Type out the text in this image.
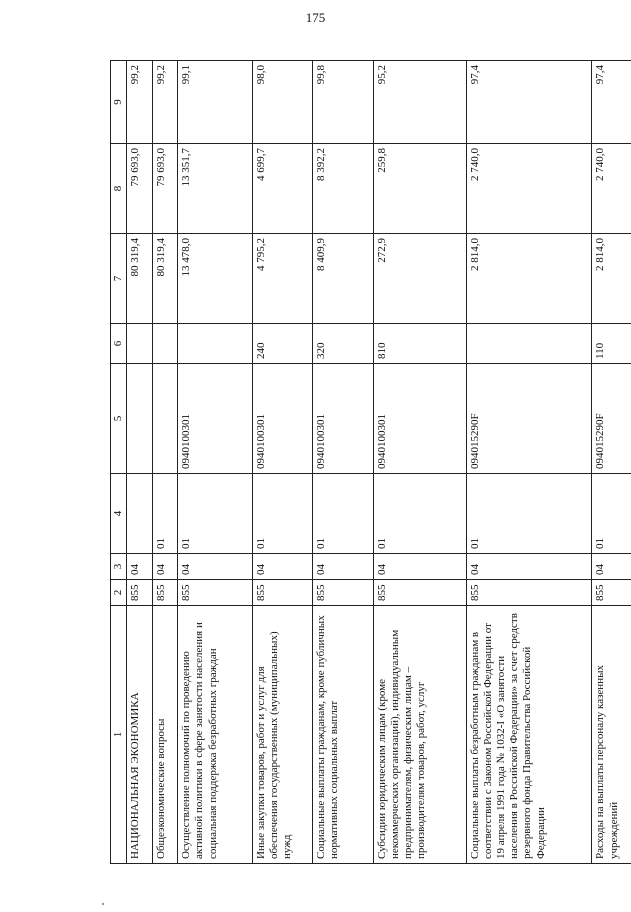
175
1	2	3	4	5	6	7	8	9
НАЦИОНАЛЬНАЯ ЭКОНОМИКА	855	04				80 319,4	79 693,0	99,2
Общеэкономические вопросы	855	04	01			80 319,4	79 693,0	99,2
Осуществление полномочий по проведению активной политики в сфере занятости населения и социальная поддержка безработных граждан	855	04	01	0940100301		13 478,0	13 351,7	99,1
Иные закупки товаров, работ и услуг для обеспечения государственных (муниципальных) нужд	855	04	01	0940100301	240	4 795,2	4 699,7	98,0
Социальные выплаты гражданам, кроме публичных нормативных социальных выплат	855	04	01	0940100301	320	8 409,9	8 392,2	99,8
Субсидии юридическим лицам (кроме некоммерческих организаций), индивидуальным предпринимателям, физическим лицам – производителям товаров, работ, услуг	855	04	01	0940100301	810	272,9	259,8	95,2
Социальные выплаты безработным гражданам в соответствии с Законом Российской Федерации от 19 апреля 1991 года № 1032-I «О занятости населения в Российской Федерации» за счет средств резервного фонда Правительства Российской Федерации	855	04	01	094015290F		2 814,0	2 740,0	97,4
Расходы на выплаты персоналу казенных учреждений	855	04	01	094015290F	110	2 814,0	2 740,0	97,4
